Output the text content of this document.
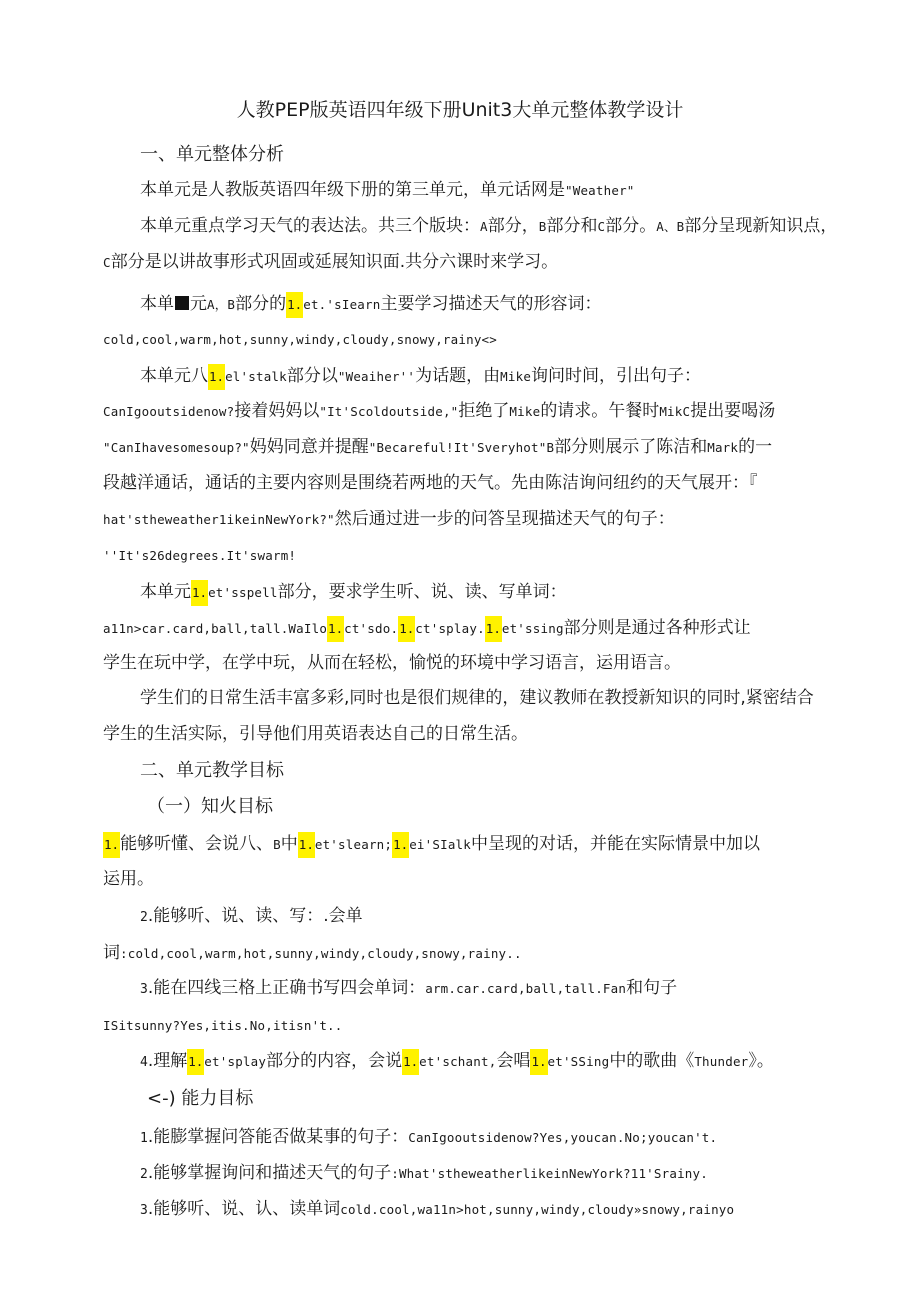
人教PEP版英语四年级下册Unit3大单元整体教学设计
一、单元整体分析
本单元是人教版英语四年级下册的第三单元，单元话网是"Weather"
本单元重点学习天气的表达法。共三个版块：A部分，B部分和C部分。A、B部分呈现新知识点，
C部分是以讲故事形式巩固或延展知识面.共分六课时来学习。
本单 元A，B部分的1.et.'sIearn主要学习描述天气的形容词：
cold,cool,warm,hot,sunny,windy,cloudy,snowy,rainy<>
本单元八1.el'stalk部分以"Weaiher''为话题，由Mike询问时间，引出句子：
CanIgooutsidenow?接着妈妈以"It'Scoldoutside,"拒绝了Mike的请求。午餐时MikC提出要喝汤
"CanIhavesomesoup?"妈妈同意并提醒"Becareful!It'Sveryhot"B部分则展示了陈洁和Mark的一
段越洋通话，通话的主要内容则是围绕若两地的天气。先由陈洁询问纽约的天气展开：『
hat'stheweather1ikeinNewYork?"然后通过进一步的问答呈现描述天气的句子：
''It's26degrees.It'swarm!
本单元1.et'sspell部分，要求学生听、说、读、写单词：
a11n>car.card,ball,tall.WaIlo1.ct'sdo.1.ct'splay.1.et'ssing部分则是通过各种形式让
学生在玩中学，在学中玩，从而在轻松，愉悦的环境中学习语言，运用语言。
学生们的日常生活丰富多彩,同时也是很们规律的，建议教师在教授新知识的同时,紧密结合
学生的生活实际，引导他们用英语表达自己的日常生活。
二、单元教学目标
（一）知火目标
1.能够听懂、会说八、B中1.et'slearn;1.ei'SIalk中呈现的对话，并能在实际情景中加以
运用。
2.能够听、说、读、写：.会单
词:cold,cool,warm,hot,sunny,windy,cloudy,snowy,rainy..
3.能在四线三格上正确书写四会单词：arm.car.card,ball,tall.Fan和句子
ISitsunny?Yes,itis.No,itisn't..
4.理解1.et'splay部分的内容，会说1.et'schant,会唱1.et'SSing中的歌曲《Thunder》。
<-) 能力目标
1.能膨掌握问答能否做某事的句子：CanIgooutsidenow?Yes,youcan.No;youcan't.
2.能够掌握询问和描述天气的句子:What'stheweatherlikeinNewYork?11'Srainy.
3.能够听、说、认、读单词cold.cool,wa11n>hot,sunny,windy,cloudy»snowy,rainyo
